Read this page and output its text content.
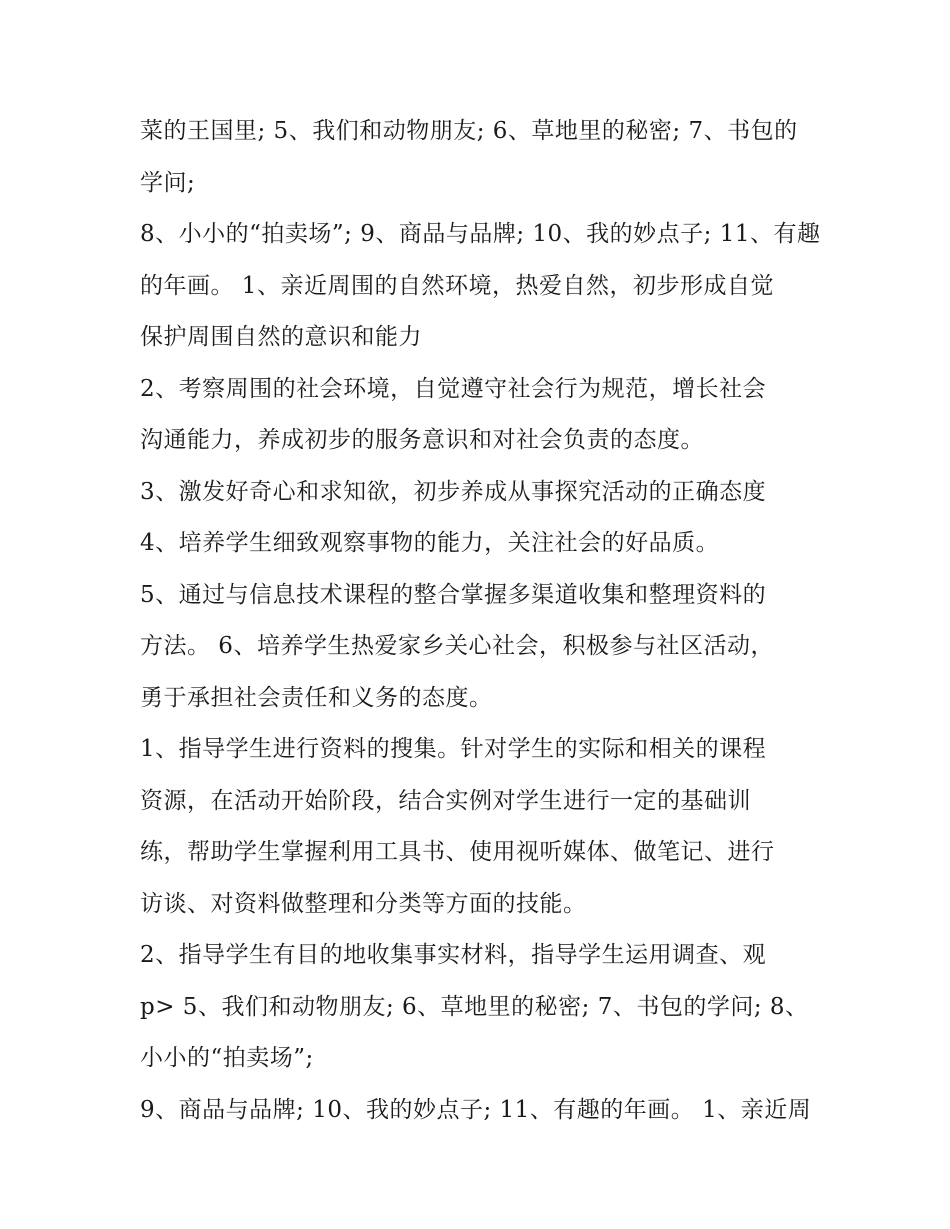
菜的王国里; 5、我们和动物朋友; 6、草地里的秘密; 7、书包的
学问;
8、小小的“拍卖场”; 9、商品与品牌; 10、我的妙点子; 11、有趣
的年画。 1、亲近周围的自然环境，热爱自然，初步形成自觉
保护周围自然的意识和能力
2、考察周围的社会环境，自觉遵守社会行为规范，增长社会
沟通能力，养成初步的服务意识和对社会负责的态度。
3、激发好奇心和求知欲，初步养成从事探究活动的正确态度
4、培养学生细致观察事物的能力，关注社会的好品质。
5、通过与信息技术课程的整合掌握多渠道收集和整理资料的
方法。 6、培养学生热爱家乡关心社会，积极参与社区活动，
勇于承担社会责任和义务的态度。
1、指导学生进行资料的搜集。针对学生的实际和相关的课程
资源，在活动开始阶段，结合实例对学生进行一定的基础训
练，帮助学生掌握利用工具书、使用视听媒体、做笔记、进行
访谈、对资料做整理和分类等方面的技能。
2、指导学生有目的地收集事实材料，指导学生运用调查、观
p> 5、我们和动物朋友; 6、草地里的秘密; 7、书包的学问; 8、
小小的“拍卖场”;
9、商品与品牌; 10、我的妙点子; 11、有趣的年画。 1、亲近周
